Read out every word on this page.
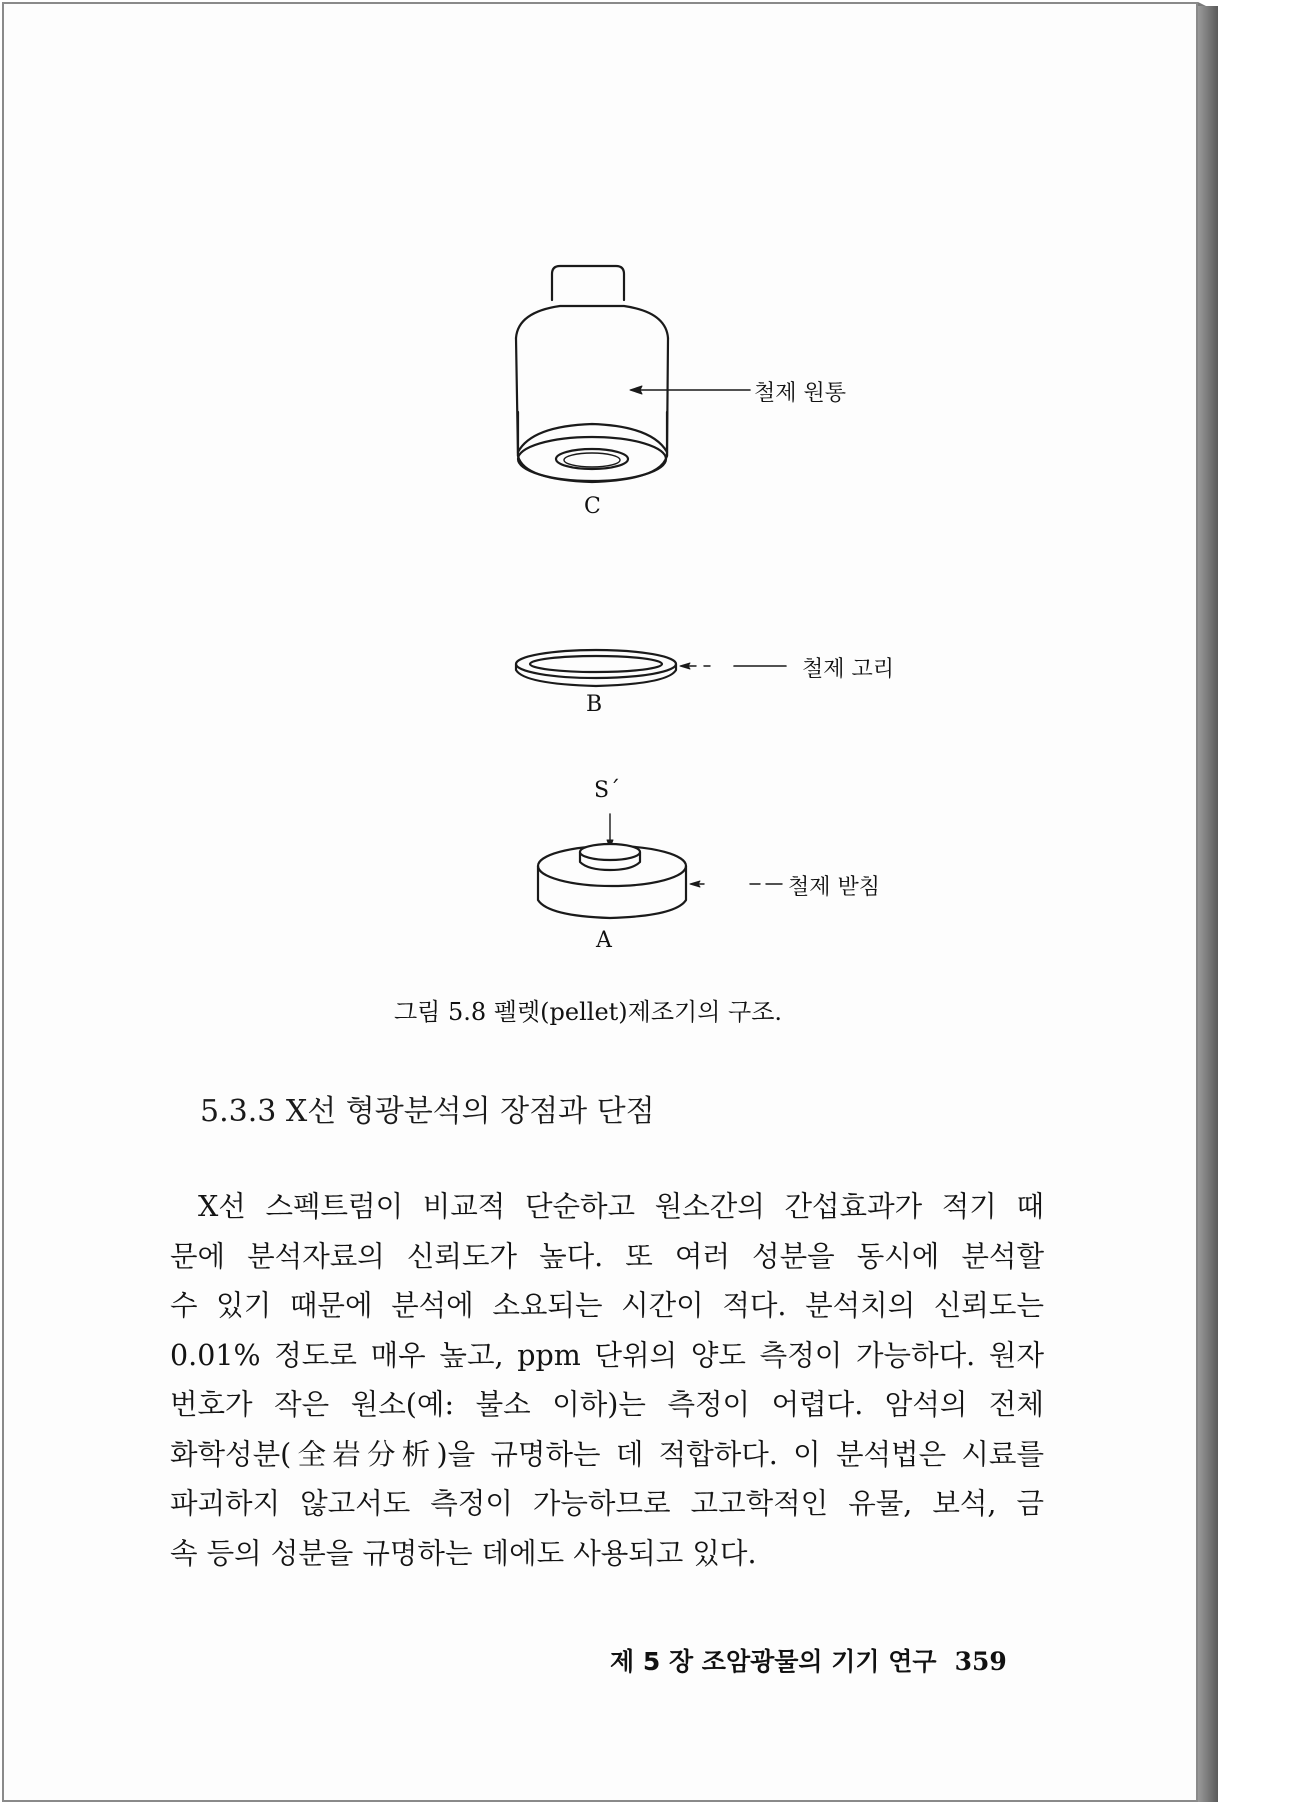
C
B
S´
A
철제 원통
철제 고리
철제 받침
그림 5.8 펠렛(pellet)제조기의 구조.
5.3.3 X선 형광분석의 장점과 단점
X선 스펙트럼이 비교적 단순하고 원소간의 간섭효과가 적기 때
문에 분석자료의 신뢰도가 높다. 또 여러 성분을 동시에 분석할
수 있기 때문에 분석에 소요되는 시간이 적다. 분석치의 신뢰도는
0.01% 정도로 매우 높고, ppm 단위의 양도 측정이 가능하다. 원자
번호가 작은 원소(예: 불소 이하)는 측정이 어렵다. 암석의 전체
화학성분(全岩分析)을 규명하는 데 적합하다. 이 분석법은 시료를
파괴하지 않고서도 측정이 가능하므로 고고학적인 유물, 보석, 금
속 등의 성분을 규명하는 데에도 사용되고 있다.
제 5 장 조암광물의 기기 연구 359
